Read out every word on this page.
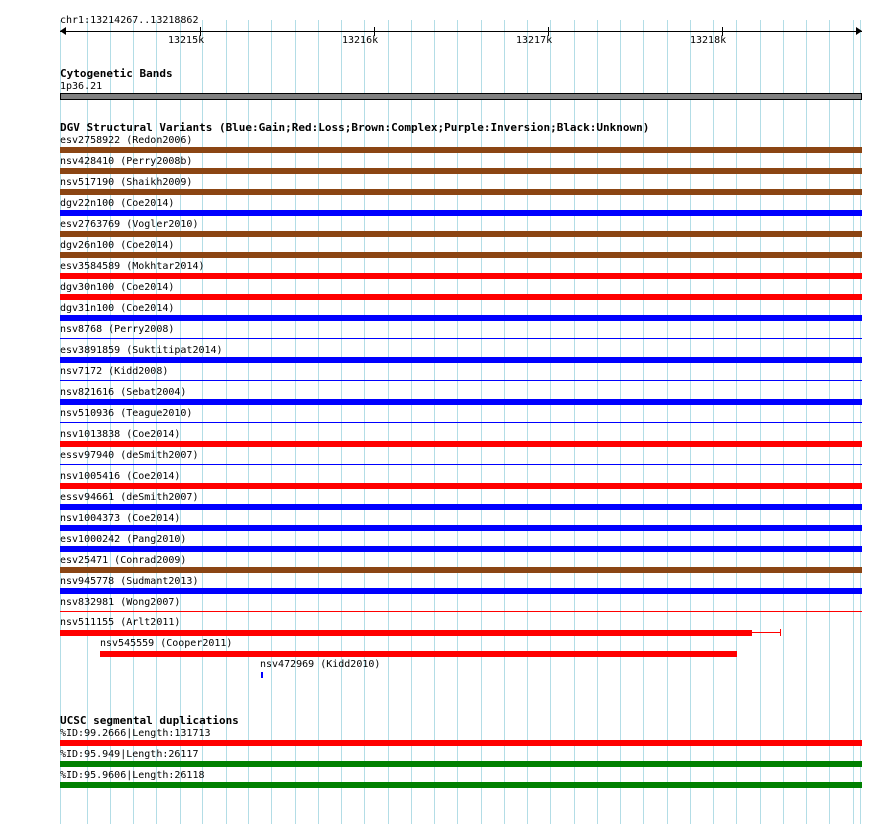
chr1:13214267..13218862
13215k	13216k	13217k	13218k
Cytogenetic Bands
1p36.21
DGV Structural Variants (Blue:Gain;Red:Loss;Brown:Complex;Purple:Inversion;Black:Unknown)
esv2758922 (Redon2006)
nsv428410 (Perry2008b)
nsv517190 (Shaikh2009)
dgv22n100 (Coe2014)
esv2763769 (Vogler2010)
dgv26n100 (Coe2014)
esv3584589 (Mokhtar2014)
dgv30n100 (Coe2014)
dgv31n100 (Coe2014)
nsv8768 (Perry2008)
esv3891859 (Suktitipat2014)
nsv7172 (Kidd2008)
nsv821616 (Sebat2004)
nsv510936 (Teague2010)
nsv1013838 (Coe2014)
essv97940 (deSmith2007)
nsv1005416 (Coe2014)
essv94661 (deSmith2007)
nsv1004373 (Coe2014)
esv1000242 (Pang2010)
esv25471 (Conrad2009)
nsv945778 (Sudmant2013)
nsv832981 (Wong2007)
nsv511155 (Arlt2011)
nsv545559 (Cooper2011)
nsv472969 (Kidd2010)
UCSC segmental duplications
%ID:99.2666|Length:131713
%ID:95.949|Length:26117
%ID:95.9606|Length:26118
